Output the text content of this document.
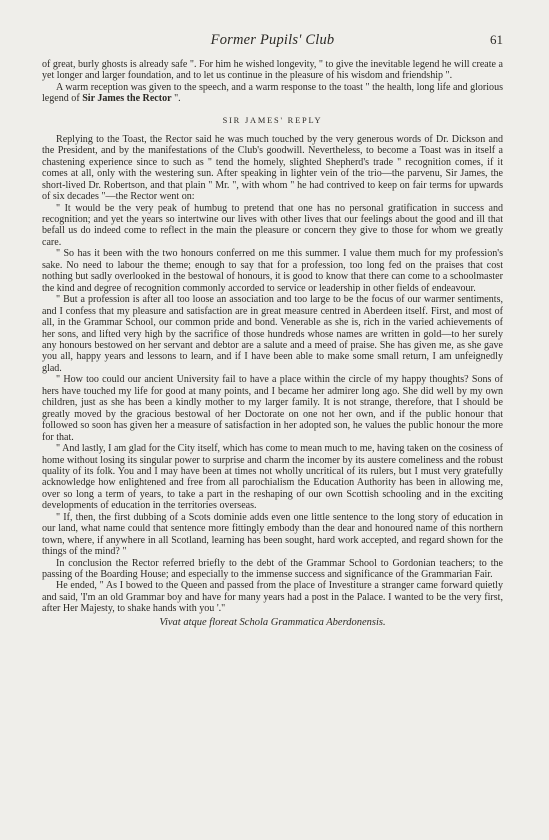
Former Pupils' Club	61

of great, burly ghosts is already safe ". For him he wished longevity, " to give the inevitable legend he will create a yet longer and larger foundation, and to let us continue in the pleasure of his wisdom and friendship ".

A warm reception was given to the speech, and a warm response to the toast " the health, long life and glorious legend of Sir James the Rector ".

SIR JAMES' REPLY

Replying to the Toast, the Rector said he was much touched by the very generous words of Dr. Dickson and the President, and by the manifestations of the Club's goodwill. Nevertheless, to become a Toast was in itself a chastening experience since to such as " tend the homely, slighted Shepherd's trade " recognition comes, if it comes at all, only with the westering sun. After speaking in lighter vein of the trio—the parvenu, Sir James, the short-lived Dr. Robertson, and that plain " Mr. ", with whom " he had contrived to keep on fair terms for upwards of six decades "—the Rector went on:

" It would be the very peak of humbug to pretend that one has no personal gratification in success and recognition; and yet the years so intertwine our lives with other lives that our feelings about the good and ill that befall us do indeed come to reflect in the main the pleasure or concern they give to those for whom we greatly care.

" So has it been with the two honours conferred on me this summer. I value them much for my profession's sake. No need to labour the theme; enough to say that for a profession, too long fed on the praises that cost nothing but sadly overlooked in the bestowal of honours, it is good to know that there can come to a schoolmaster the kind and degree of recognition commonly accorded to service or leadership in other fields of endeavour.

" But a profession is after all too loose an association and too large to be the focus of our warmer sentiments, and I confess that my pleasure and satisfaction are in great measure centred in Aberdeen itself. First, and most of all, in the Grammar School, our common pride and bond. Venerable as she is, rich in the varied achievements of her sons, and lifted very high by the sacrifice of those hundreds whose names are written in gold—to her surely any honours bestowed on her servant and debtor are a salute and a meed of praise. She has given me, as she gave you all, happy years and lessons to learn, and if I have been able to make some small return, I am unfeignedly glad.

" How too could our ancient University fail to have a place within the circle of my happy thoughts? Sons of hers have touched my life for good at many points, and I became her admirer long ago. She did well by my own children, just as she has been a kindly mother to my larger family. It is not strange, therefore, that I should be greatly moved by the gracious bestowal of her Doctorate on one not her own, and if the public honour that followed so soon has given her a measure of satisfaction in her adopted son, he values the public honour the more for that.

" And lastly, I am glad for the City itself, which has come to mean much to me, having taken on the cosiness of home without losing its singular power to surprise and charm the incomer by its austere comeliness and the robust quality of its folk. You and I may have been at times not wholly uncritical of its rulers, but I must very gratefully acknowledge how enlightened and free from all parochialism the Education Authority has been in allowing me, over so long a term of years, to take a part in the reshaping of our own Scottish schooling and in the exciting developments of education in the territories overseas.

" If, then, the first dubbing of a Scots dominie adds even one little sentence to the long story of education in our land, what name could that sentence more fittingly embody than the dear and honoured name of this northern town, where, if anywhere in all Scotland, learning has been sought, hard work accepted, and regard shown for the things of the mind? "

In conclusion the Rector referred briefly to the debt of the Grammar School to Gordonian teachers; to the passing of the Boarding House; and especially to the immense success and significance of the Grammarian Fair.

He ended, " As I bowed to the Queen and passed from the place of Investiture a stranger came forward quietly and said, 'I'm an old Grammar boy and have for many years had a post in the Palace. I wanted to be the very first, after Her Majesty, to shake hands with you '."

Vivat atque floreat Schola Grammatica Aberdonensis.
